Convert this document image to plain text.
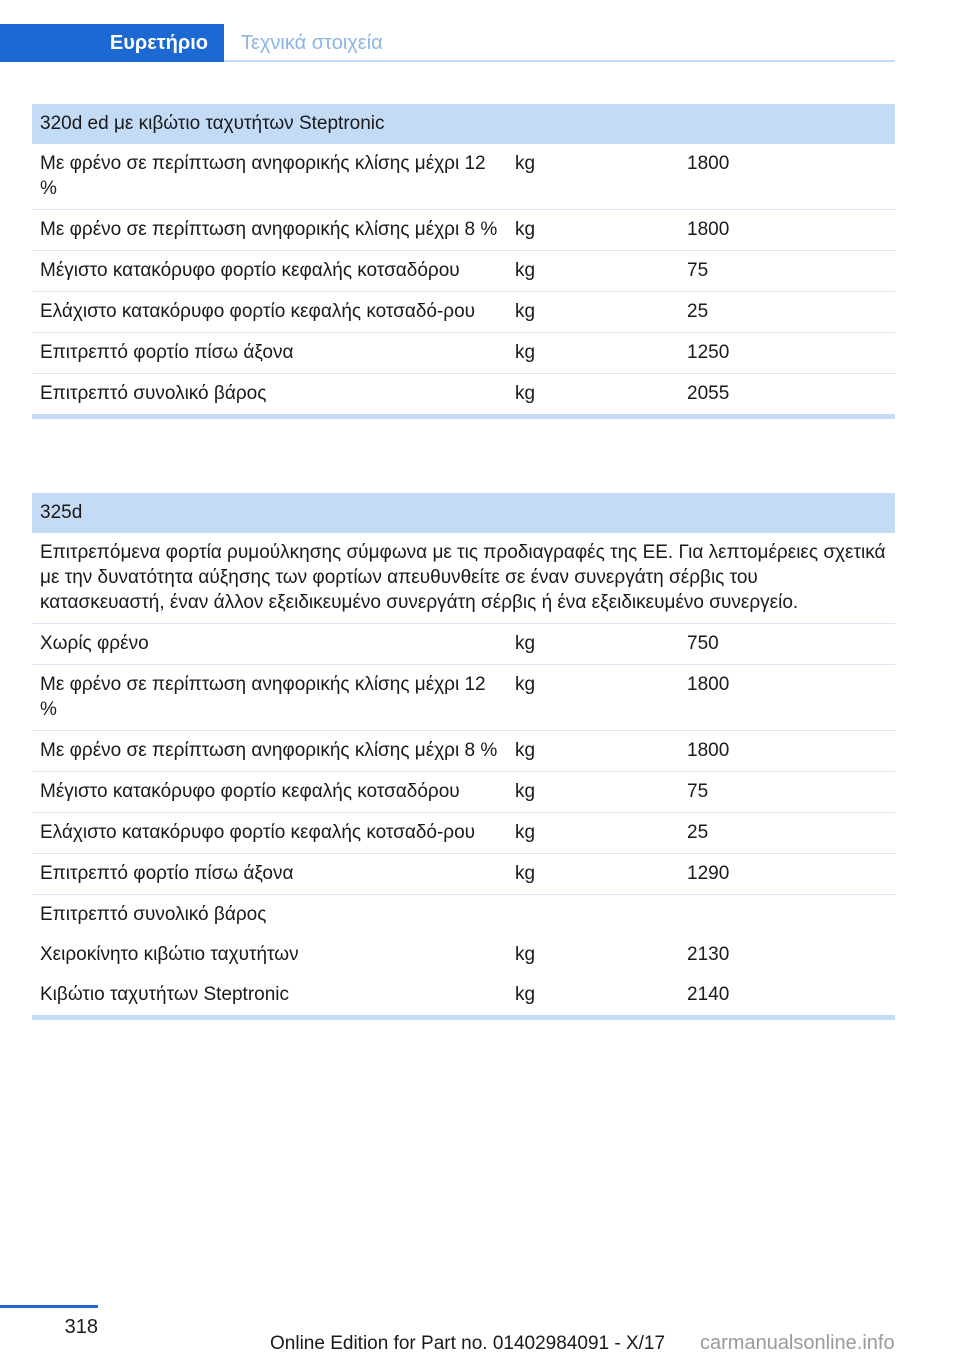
Ευρετήριο	Τεχνικά στοιχεία
320d ed με κιβώτιο ταχυτήτων Steptronic
Με φρένο σε περίπτωση ανηφορικής κλίσης μέχρι 12 %
kg	1800
Με φρένο σε περίπτωση ανηφορικής κλίσης μέχρι 8 % kg	1800
Μέγιστο κατακόρυφο φορτίο κεφαλής κοτσαδόρου	kg	75
Ελάχιστο κατακόρυφο φορτίο κεφαλής κοτσαδό-ρου	kg	25
Επιτρεπτό φορτίο πίσω άξονα	kg	1250
Επιτρεπτό συνολικό βάρος	kg	2055
325d
Επιτρεπόμενα φορτία ρυμούλκησης σύμφωνα με τις προδιαγραφές της ΕΕ. Για λεπτομέρειες σχετικά με την δυνατότητα αύξησης των φορτίων απευθυνθείτε σε έναν συνεργάτη σέρβις του κατασκευαστή, έναν άλλον εξειδικευμένο συνεργάτη σέρβις ή ένα εξειδικευμένο συνεργείο.
Χωρίς φρένο	kg	750
Με φρένο σε περίπτωση ανηφορικής κλίσης μέχρι 12 %
kg	1800
Με φρένο σε περίπτωση ανηφορικής κλίσης μέχρι 8 % kg	1800
Μέγιστο κατακόρυφο φορτίο κεφαλής κοτσαδόρου	kg	75
Ελάχιστο κατακόρυφο φορτίο κεφαλής κοτσαδό-ρου	kg	25
Επιτρεπτό φορτίο πίσω άξονα	kg	1290
Επιτρεπτό συνολικό βάρος
Χειροκίνητο κιβώτιο ταχυτήτων	kg	2130
Κιβώτιο ταχυτήτων Steptronic	kg	2140
318
Online Edition for Part no. 01402984091 - X/17 carmanualsonline.info
